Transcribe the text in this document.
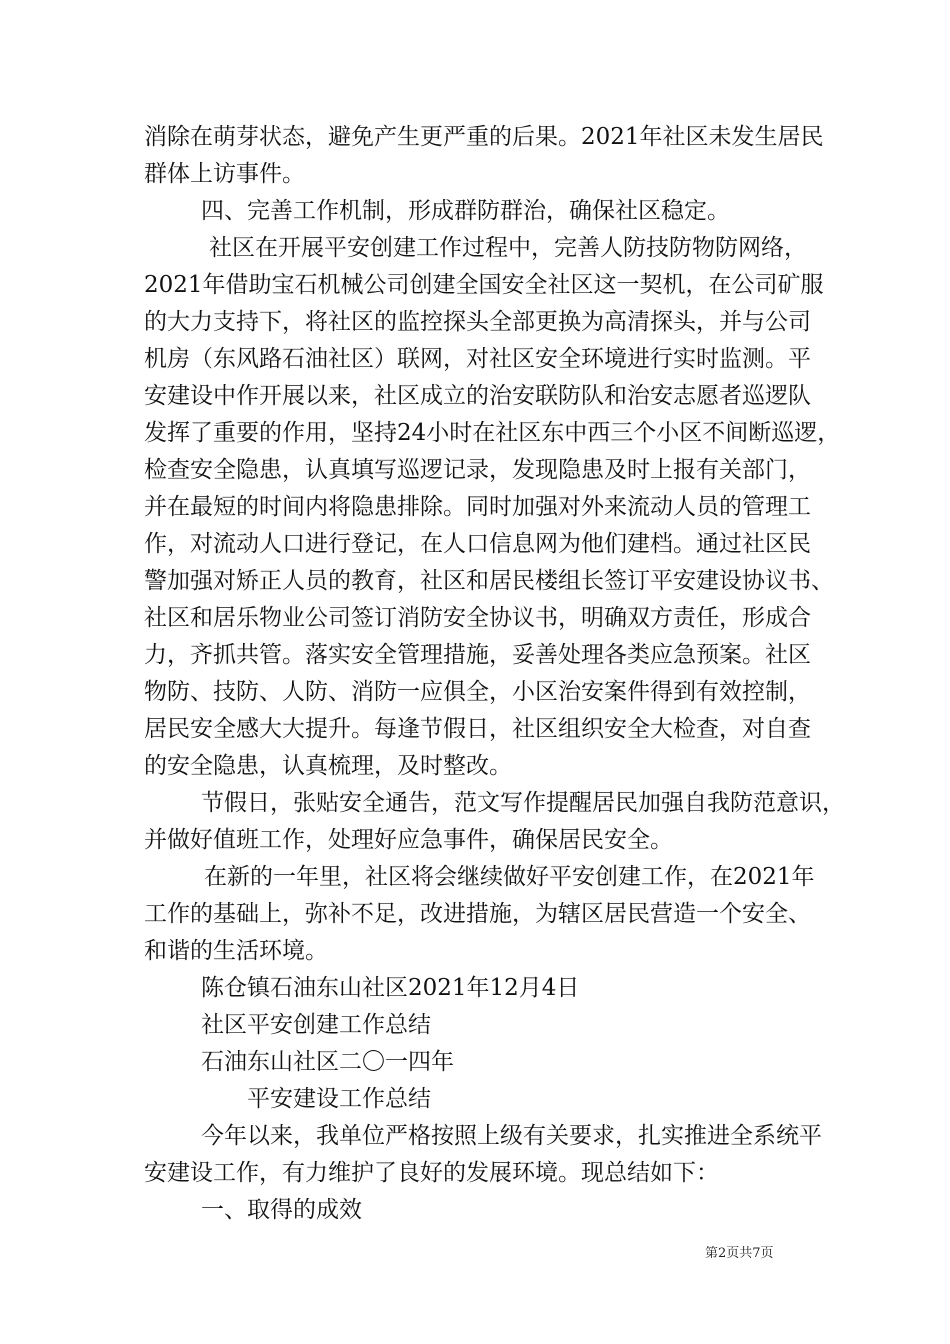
消除在萌芽状态，避免产生更严重的后果。2021年社区未发生居民
群体上访事件。
四、完善工作机制，形成群防群治，确保社区稳定。
社区在开展平安创建工作过程中，完善人防技防物防网络，
2021年借助宝石机械公司创建全国安全社区这一契机，在公司矿服
的大力支持下，将社区的监控探头全部更换为高清探头，并与公司
机房（东风路石油社区）联网，对社区安全环境进行实时监测。平
安建设中作开展以来，社区成立的治安联防队和治安志愿者巡逻队
发挥了重要的作用，坚持24小时在社区东中西三个小区不间断巡逻，
检查安全隐患，认真填写巡逻记录，发现隐患及时上报有关部门，
并在最短的时间内将隐患排除。同时加强对外来流动人员的管理工
作，对流动人口进行登记，在人口信息网为他们建档。通过社区民
警加强对矫正人员的教育，社区和居民楼组长签订平安建设协议书、
社区和居乐物业公司签订消防安全协议书，明确双方责任，形成合
力，齐抓共管。落实安全管理措施，妥善处理各类应急预案。社区
物防、技防、人防、消防一应俱全，小区治安案件得到有效控制，
居民安全感大大提升。每逢节假日，社区组织安全大检查，对自查
的安全隐患，认真梳理，及时整改。
节假日，张贴安全通告，范文写作提醒居民加强自我防范意识，
并做好值班工作，处理好应急事件，确保居民安全。
在新的一年里，社区将会继续做好平安创建工作，在2021年
工作的基础上，弥补不足，改进措施，为辖区居民营造一个安全、
和谐的生活环境。
陈仓镇石油东山社区2021年12月4日
社区平安创建工作总结
石油东山社区二〇一四年
平安建设工作总结
今年以来，我单位严格按照上级有关要求，扎实推进全系统平
安建设工作，有力维护了良好的发展环境。现总结如下：
一、取得的成效
第2页共7页
